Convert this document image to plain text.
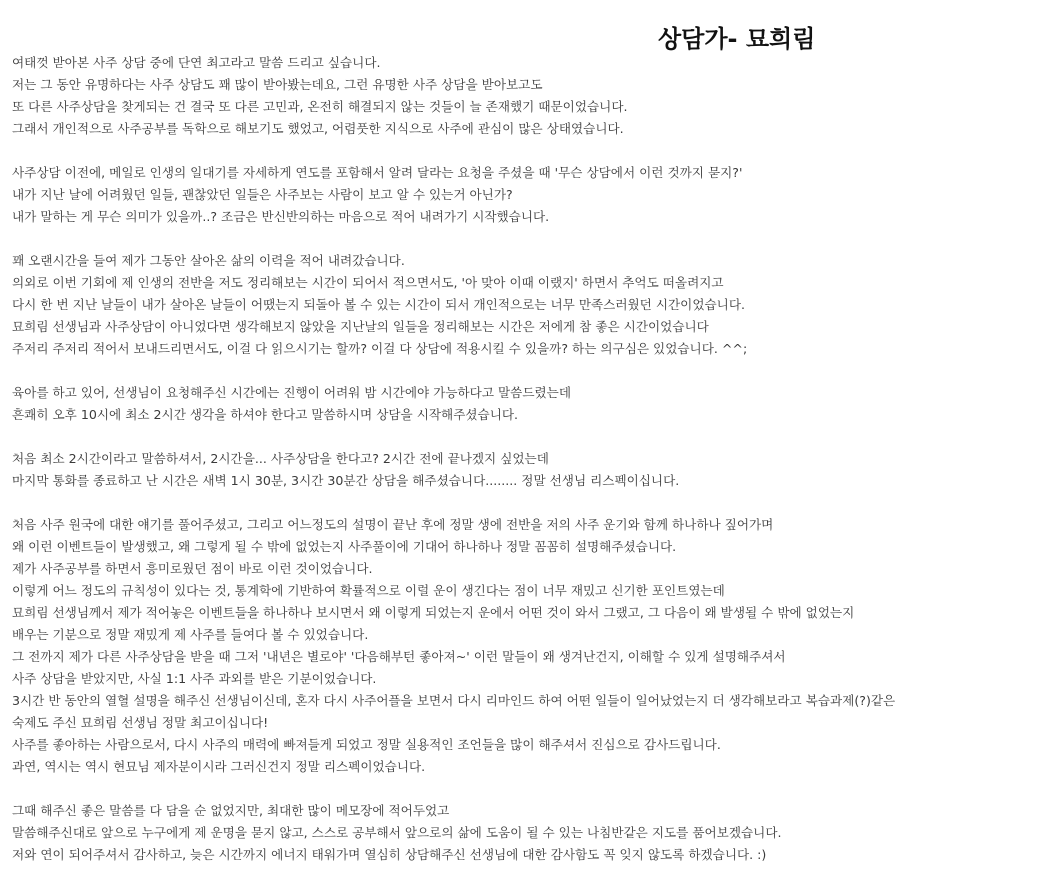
상담가- 묘희림
여태껏 받아본 사주 상담 중에 단연 최고라고 말씀 드리고 싶습니다.
저는 그 동안 유명하다는 사주 상담도 꽤 많이 받아봤는데요, 그런 유명한 사주 상담을 받아보고도
또 다른 사주상담을 찾게되는 건 결국 또 다른 고민과, 온전히 해결되지 않는 것들이 늘 존재했기 때문이었습니다.
그래서 개인적으로 사주공부를 독학으로 해보기도 했었고, 어렴풋한 지식으로 사주에 관심이 많은 상태였습니다.
사주상담 이전에, 메일로 인생의 일대기를 자세하게 연도를 포함해서 알려 달라는 요청을 주셨을 때 '무슨 상담에서 이런 것까지 묻지?'
내가 지난 날에 어려웠던 일들, 괜찮았던 일들은 사주보는 사람이 보고 알 수 있는거 아닌가?
내가 말하는 게 무슨 의미가 있을까..? 조금은 반신반의하는 마음으로 적어 내려가기 시작했습니다.
꽤 오랜시간을 들여 제가 그동안 살아온 삶의 이력을 적어 내려갔습니다.
의외로 이번 기회에 제 인생의 전반을 저도 정리해보는 시간이 되어서 적으면서도, '아 맞아 이때 이랬지' 하면서 추억도 떠올려지고
다시 한 번 지난 날들이 내가 살아온 날들이 어땠는지 되돌아 볼 수 있는 시간이 되서 개인적으로는 너무 만족스러웠던 시간이었습니다.
묘희림 선생님과 사주상담이 아니었다면 생각해보지 않았을 지난날의 일들을 정리해보는 시간은 저에게 참 좋은 시간이었습니다
주저리 주저리 적어서 보내드리면서도, 이걸 다 읽으시기는 할까? 이걸 다 상담에 적용시킬 수 있을까? 하는 의구심은 있었습니다. ^^;
육아를 하고 있어, 선생님이 요청해주신 시간에는 진행이 어려워 밤 시간에야 가능하다고 말씀드렸는데
흔쾌히 오후 10시에 최소 2시간 생각을 하셔야 한다고 말씀하시며 상담을 시작해주셨습니다.
처음 최소 2시간이라고 말씀하셔서, 2시간을... 사주상담을 한다고? 2시간 전에 끝나겠지 싶었는데
마지막 통화를 종료하고 난 시간은 새벽 1시 30분, 3시간 30분간 상담을 해주셨습니다........ 정말 선생님 리스펙이십니다.
처음 사주 원국에 대한 얘기를 풀어주셨고, 그리고 어느정도의 설명이 끝난 후에 정말 생에 전반을 저의 사주 운기와 함께 하나하나 짚어가며
왜 이런 이벤트들이 발생했고, 왜 그렇게 될 수 밖에 없었는지 사주풀이에 기대어 하나하나 정말 꼼꼼히 설명해주셨습니다.
제가 사주공부를 하면서 흥미로웠던 점이 바로 이런 것이었습니다.
이렇게 어느 정도의 규칙성이 있다는 것, 통계학에 기반하여 확률적으로 이럴 운이 생긴다는 점이 너무 재밌고 신기한 포인트였는데
묘희림 선생님께서 제가 적어놓은 이벤트들을 하나하나 보시면서 왜 이렇게 되었는지 운에서 어떤 것이 와서 그랬고, 그 다음이 왜 발생될 수 밖에 없었는지
배우는 기분으로 정말 재밌게 제 사주를 들여다 볼 수 있었습니다.
그 전까지 제가 다른 사주상담을 받을 때 그저 '내년은 별로야' '다음해부턴 좋아져~' 이런 말들이 왜 생겨난건지, 이해할 수 있게 설명해주셔서
사주 상담을 받았지만, 사실 1:1 사주 과외를 받은 기분이었습니다.
3시간 반 동안의 열혈 설명을 해주신 선생님이신데, 혼자 다시 사주어플을 보면서 다시 리마인드 하여 어떤 일들이 일어났었는지 더 생각해보라고 복습과제(?)같은
숙제도 주신 묘희림 선생님 정말 최고이십니다!
사주를 좋아하는 사람으로서, 다시 사주의 매력에 빠져들게 되었고 정말 실용적인 조언들을 많이 해주셔서 진심으로 감사드립니다.
과연, 역시는 역시 현묘님 제자분이시라 그러신건지 정말 리스펙이었습니다.
그때 해주신 좋은 말씀를 다 담을 순 없었지만, 최대한 많이 메모장에 적어두었고
말씀해주신대로 앞으로 누구에게 제 운명을 묻지 않고, 스스로 공부해서 앞으로의 삶에 도움이 될 수 있는 나침반같은 지도를 품어보겠습니다.
저와 연이 되어주셔서 감사하고, 늦은 시간까지 에너지 태워가며 열심히 상담해주신 선생님에 대한 감사함도 꼭 잊지 않도록 하겠습니다. :)
